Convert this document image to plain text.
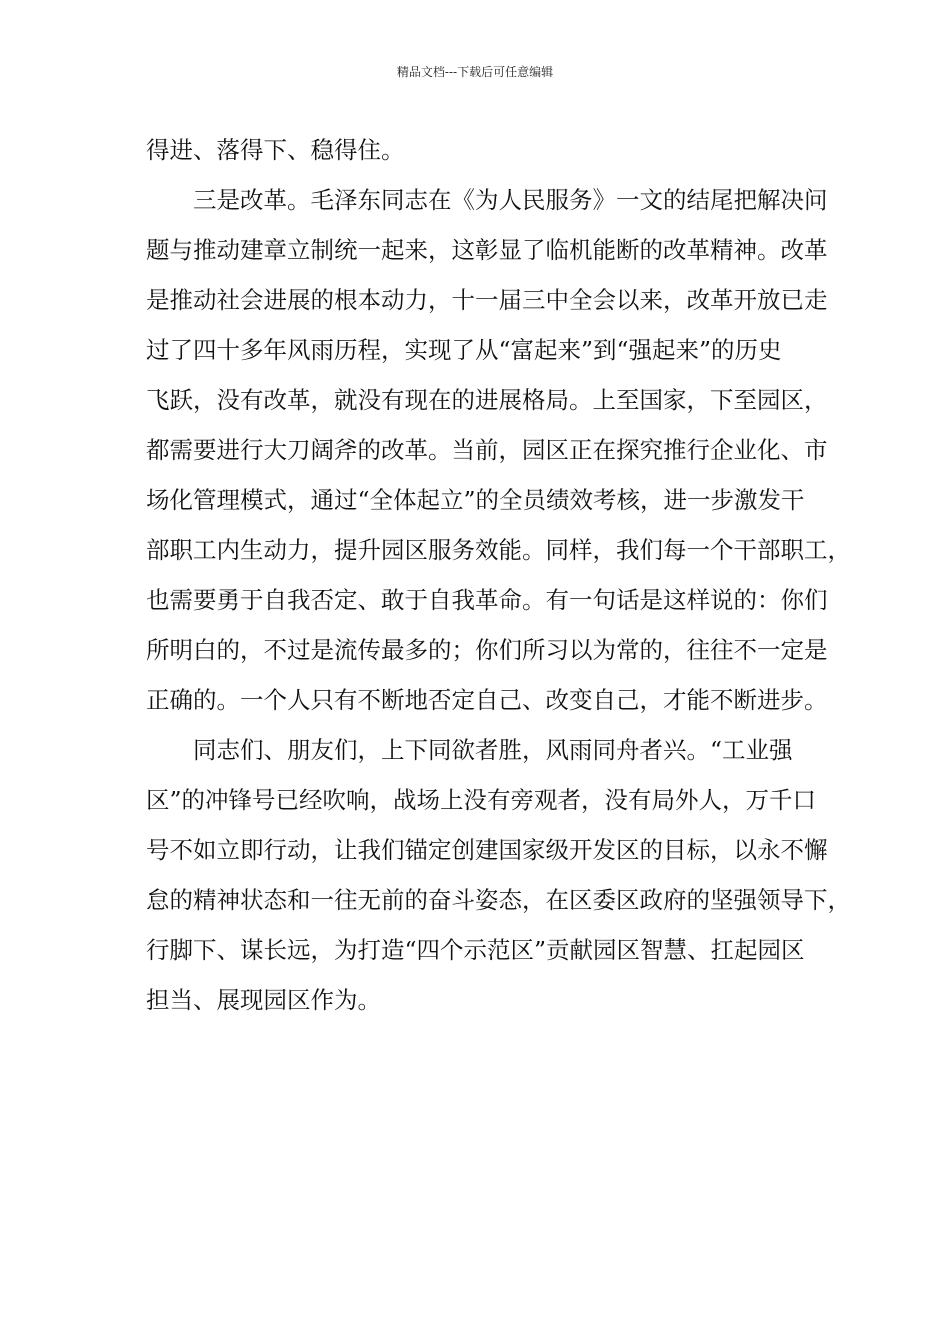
精品文档---下载后可任意编辑
得进、落得下、稳得住。
三是改革。毛泽东同志在《为人民服务》一文的结尾把解决问
题与推动建章立制统一起来，这彰显了临机能断的改革精神。改革
是推动社会进展的根本动力，十一届三中全会以来，改革开放已走
过了四十多年风雨历程，实现了从“富起来”到“强起来”的历史
飞跃，没有改革，就没有现在的进展格局。上至国家，下至园区，
都需要进行大刀阔斧的改革。当前，园区正在探究推行企业化、市
场化管理模式，通过“全体起立”的全员绩效考核，进一步激发干
部职工内生动力，提升园区服务效能。同样，我们每一个干部职工，
也需要勇于自我否定、敢于自我革命。有一句话是这样说的：你们
所明白的，不过是流传最多的；你们所习以为常的，往往不一定是
正确的。一个人只有不断地否定自己、改变自己，才能不断进步。
同志们、朋友们，上下同欲者胜，风雨同舟者兴。“工业强
区”的冲锋号已经吹响，战场上没有旁观者，没有局外人，万千口
号不如立即行动，让我们锚定创建国家级开发区的目标，以永不懈
怠的精神状态和一往无前的奋斗姿态，在区委区政府的坚强领导下，
行脚下、谋长远，为打造“四个示范区”贡献园区智慧、扛起园区
担当、展现园区作为。
